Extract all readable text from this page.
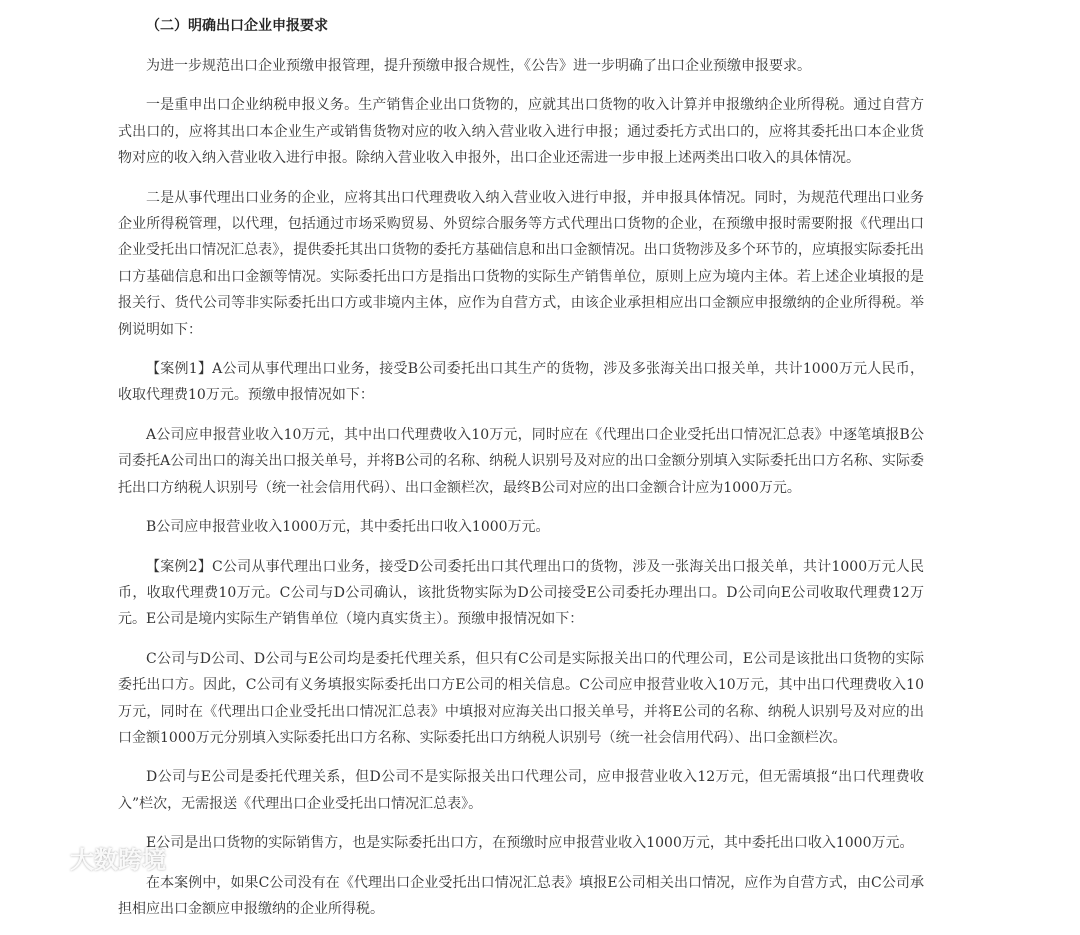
（二）明确出口企业申报要求

为进一步规范出口企业预缴申报管理，提升预缴申报合规性，《公告》进一步明确了出口企业预缴申报要求。

一是重申出口企业纳税申报义务。生产销售企业出口货物的，应就其出口货物的收入计算并申报缴纳企业所得税。通过自营方式出口的，应将其出口本企业生产或销售货物对应的收入纳入营业收入进行申报；通过委托方式出口的，应将其委托出口本企业货物对应的收入纳入营业收入进行申报。除纳入营业收入申报外，出口企业还需进一步申报上述两类出口收入的具体情况。

二是从事代理出口业务的企业，应将其出口代理费收入纳入营业收入进行申报，并申报具体情况。同时，为规范代理出口业务企业所得税管理，以代理，包括通过市场采购贸易、外贸综合服务等方式代理出口货物的企业，在预缴申报时需要附报《代理出口企业受托出口情况汇总表》，提供委托其出口货物的委托方基础信息和出口金额情况。出口货物涉及多个环节的，应填报实际委托出口方基础信息和出口金额等情况。实际委托出口方是指出口货物的实际生产销售单位，原则上应为境内主体。若上述企业填报的是报关行、货代公司等非实际委托出口方或非境内主体，应作为自营方式，由该企业承担相应出口金额应申报缴纳的企业所得税。举例说明如下：

【案例1】A公司从事代理出口业务，接受B公司委托出口其生产的货物，涉及多张海关出口报关单，共计1000万元人民币，收取代理费10万元。预缴申报情况如下：

A公司应申报营业收入10万元，其中出口代理费收入10万元，同时应在《代理出口企业受托出口情况汇总表》中逐笔填报B公司委托A公司出口的海关出口报关单号，并将B公司的名称、纳税人识别号及对应的出口金额分别填入实际委托出口方名称、实际委托出口方纳税人识别号（统一社会信用代码）、出口金额栏次，最终B公司对应的出口金额合计应为1000万元。

B公司应申报营业收入1000万元，其中委托出口收入1000万元。

【案例2】C公司从事代理出口业务，接受D公司委托出口其代理出口的货物，涉及一张海关出口报关单，共计1000万元人民币，收取代理费10万元。C公司与D公司确认，该批货物实际为D公司接受E公司委托办理出口。D公司向E公司收取代理费12万元。E公司是境内实际生产销售单位（境内真实货主）。预缴申报情况如下：

C公司与D公司、D公司与E公司均是委托代理关系，但只有C公司是实际报关出口的代理公司，E公司是该批出口货物的实际委托出口方。因此，C公司有义务填报实际委托出口方E公司的相关信息。C公司应申报营业收入10万元，其中出口代理费收入10万元，同时在《代理出口企业受托出口情况汇总表》中填报对应海关出口报关单号，并将E公司的名称、纳税人识别号及对应的出口金额1000万元分别填入实际委托出口方名称、实际委托出口方纳税人识别号（统一社会信用代码）、出口金额栏次。

D公司与E公司是委托代理关系，但D公司不是实际报关出口代理公司，应申报营业收入12万元，但无需填报“出口代理费收入”栏次，无需报送《代理出口企业受托出口情况汇总表》。

E公司是出口货物的实际销售方，也是实际委托出口方，在预缴时应申报营业收入1000万元，其中委托出口收入1000万元。

在本案例中，如果C公司没有在《代理出口企业受托出口情况汇总表》填报E公司相关出口情况，应作为自营方式，由C公司承担相应出口金额应申报缴纳的企业所得税。

大数跨境
